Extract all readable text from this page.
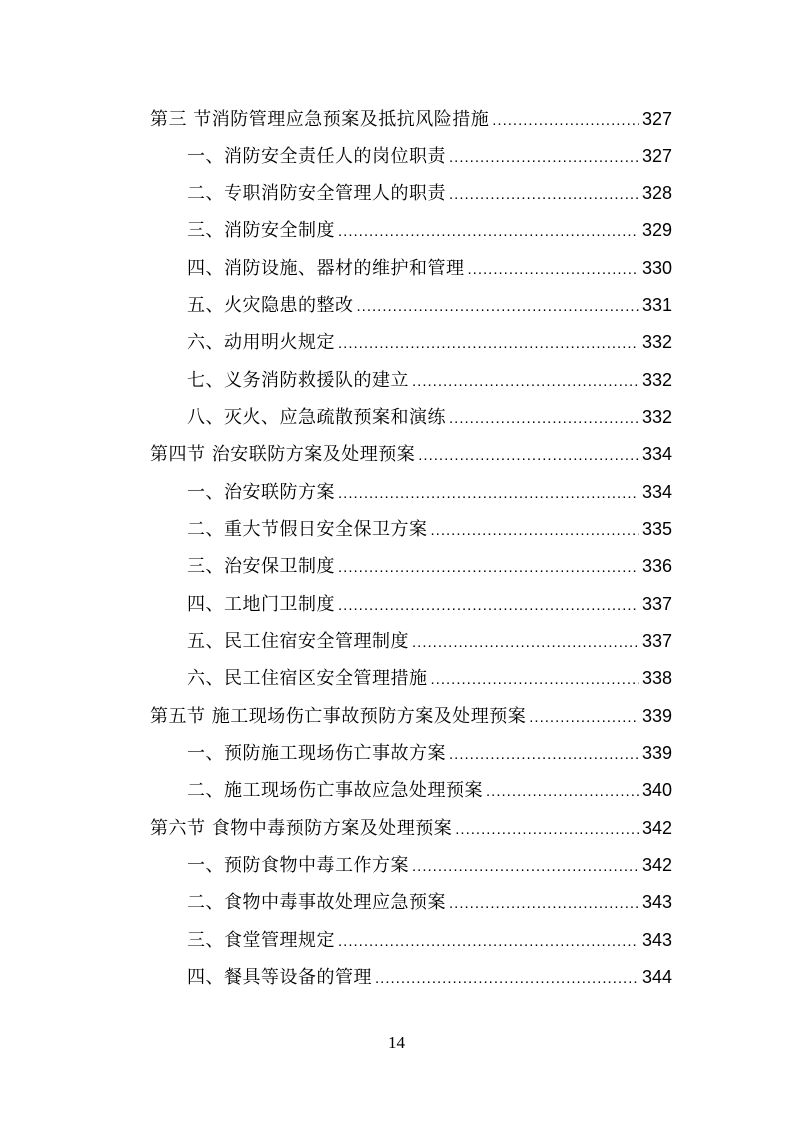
第三 节消防管理应急预案及抵抗风险措施 .....	327
一、消防安全责任人的岗位职责 .....	327
二、专职消防安全管理人的职责 .....	328
三、消防安全制度 .....	329
四、消防设施、器材的维护和管理 .....	330
五、火灾隐患的整改 .....	331
六、动用明火规定 .....	332
七、义务消防救援队的建立 .....	332
八、灭火、应急疏散预案和演练 .....	332
第四节 治安联防方案及处理预案 .....	334
一、治安联防方案 .....	334
二、重大节假日安全保卫方案 .....	335
三、治安保卫制度 .....	336
四、工地门卫制度 .....	337
五、民工住宿安全管理制度 .....	337
六、民工住宿区安全管理措施 .....	338
第五节 施工现场伤亡事故预防方案及处理预案 .....	339
一、预防施工现场伤亡事故方案 .....	339
二、施工现场伤亡事故应急处理预案 .....	340
第六节 食物中毒预防方案及处理预案 .....	342
一、预防食物中毒工作方案 .....	342
二、食物中毒事故处理应急预案 .....	343
三、食堂管理规定 .....	343
四、餐具等设备的管理 .....	344
14
